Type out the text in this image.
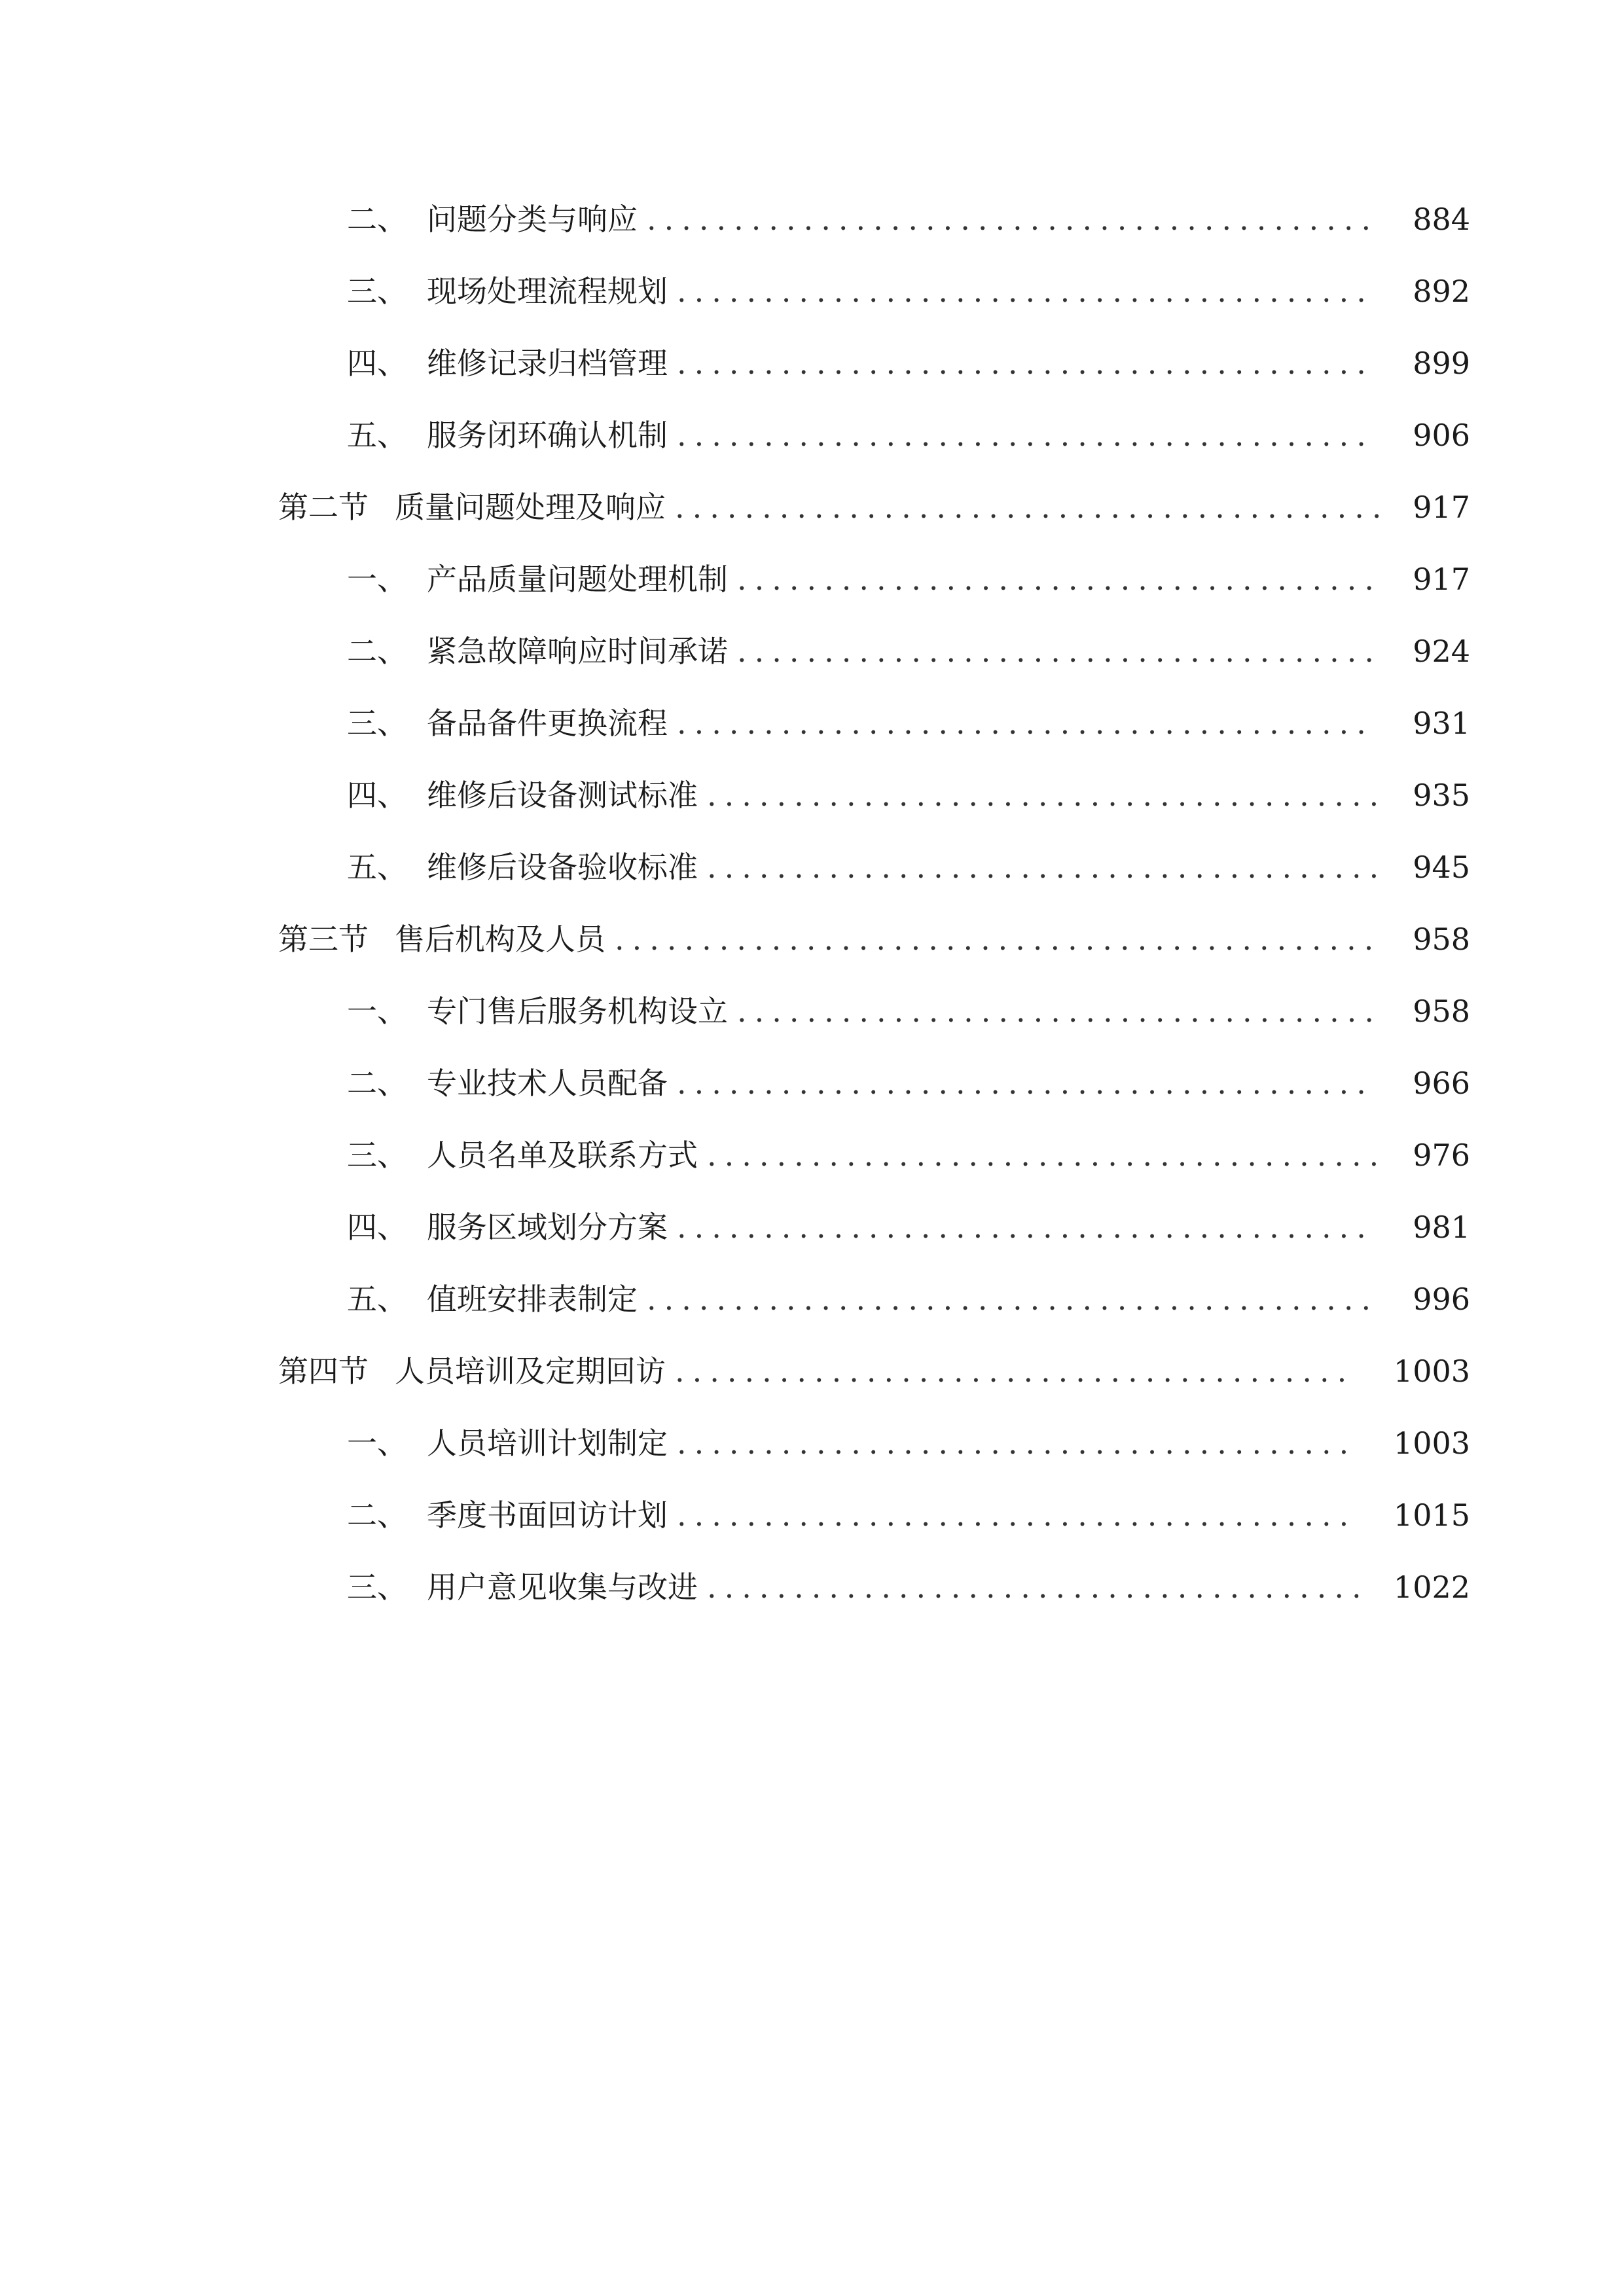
二、 问题分类与响应 ..........................................	884
三、 现场处理流程规划 ........................................	892
四、 维修记录归档管理 ........................................	899
五、 服务闭环确认机制 ........................................	906
第二节 质量问题处理及响应 ......................................... 917
一、 产品质量问题处理机制 .....................................	917
二、 紧急故障响应时间承诺 .....................................	924
三、 备品备件更换流程 ........................................	931
四、 维修后设备测试标准 ....................................... 935
五、 维修后设备验收标准 ....................................... 945
第三节 售后机构及人员 ............................................	958
一、 专门售后服务机构设立 .....................................	958
二、 专业技术人员配备 ........................................	966
三、 人员名单及联系方式 ....................................... 976
四、 服务区域划分方案 ........................................	981
五、 值班安排表制定 ..........................................	996
第四节 人员培训及定期回访 .......................................	1003
一、 人员培训计划制定 .......................................	1003
二、 季度书面回访计划 .......................................	1015
三、 用户意见收集与改进 ...................................... 1022
